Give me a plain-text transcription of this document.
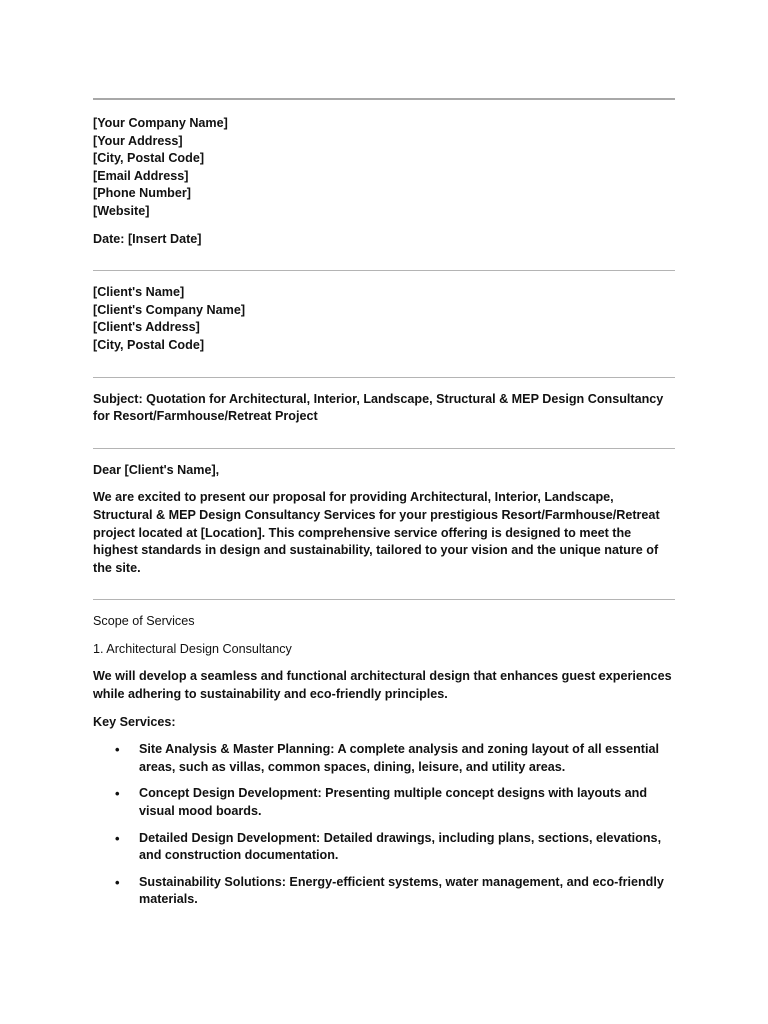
[Your Company Name]
[Your Address]
[City, Postal Code]
[Email Address]
[Phone Number]
[Website]

Date: [Insert Date]

[Client's Name]
[Client's Company Name]
[Client's Address]
[City, Postal Code]

Subject: Quotation for Architectural, Interior, Landscape, Structural & MEP Design Consultancy for Resort/Farmhouse/Retreat Project

Dear [Client's Name],

We are excited to present our proposal for providing Architectural, Interior, Landscape, Structural & MEP Design Consultancy Services for your prestigious Resort/Farmhouse/Retreat project located at [Location]. This comprehensive service offering is designed to meet the highest standards in design and sustainability, tailored to your vision and the unique nature of the site.

Scope of Services

1. Architectural Design Consultancy

We will develop a seamless and functional architectural design that enhances guest experiences while adhering to sustainability and eco-friendly principles.

Key Services:

• Site Analysis & Master Planning: A complete analysis and zoning layout of all essential areas, such as villas, common spaces, dining, leisure, and utility areas.
• Concept Design Development: Presenting multiple concept designs with layouts and visual mood boards.
• Detailed Design Development: Detailed drawings, including plans, sections, elevations, and construction documentation.
• Sustainability Solutions: Energy-efficient systems, water management, and eco-friendly materials.
